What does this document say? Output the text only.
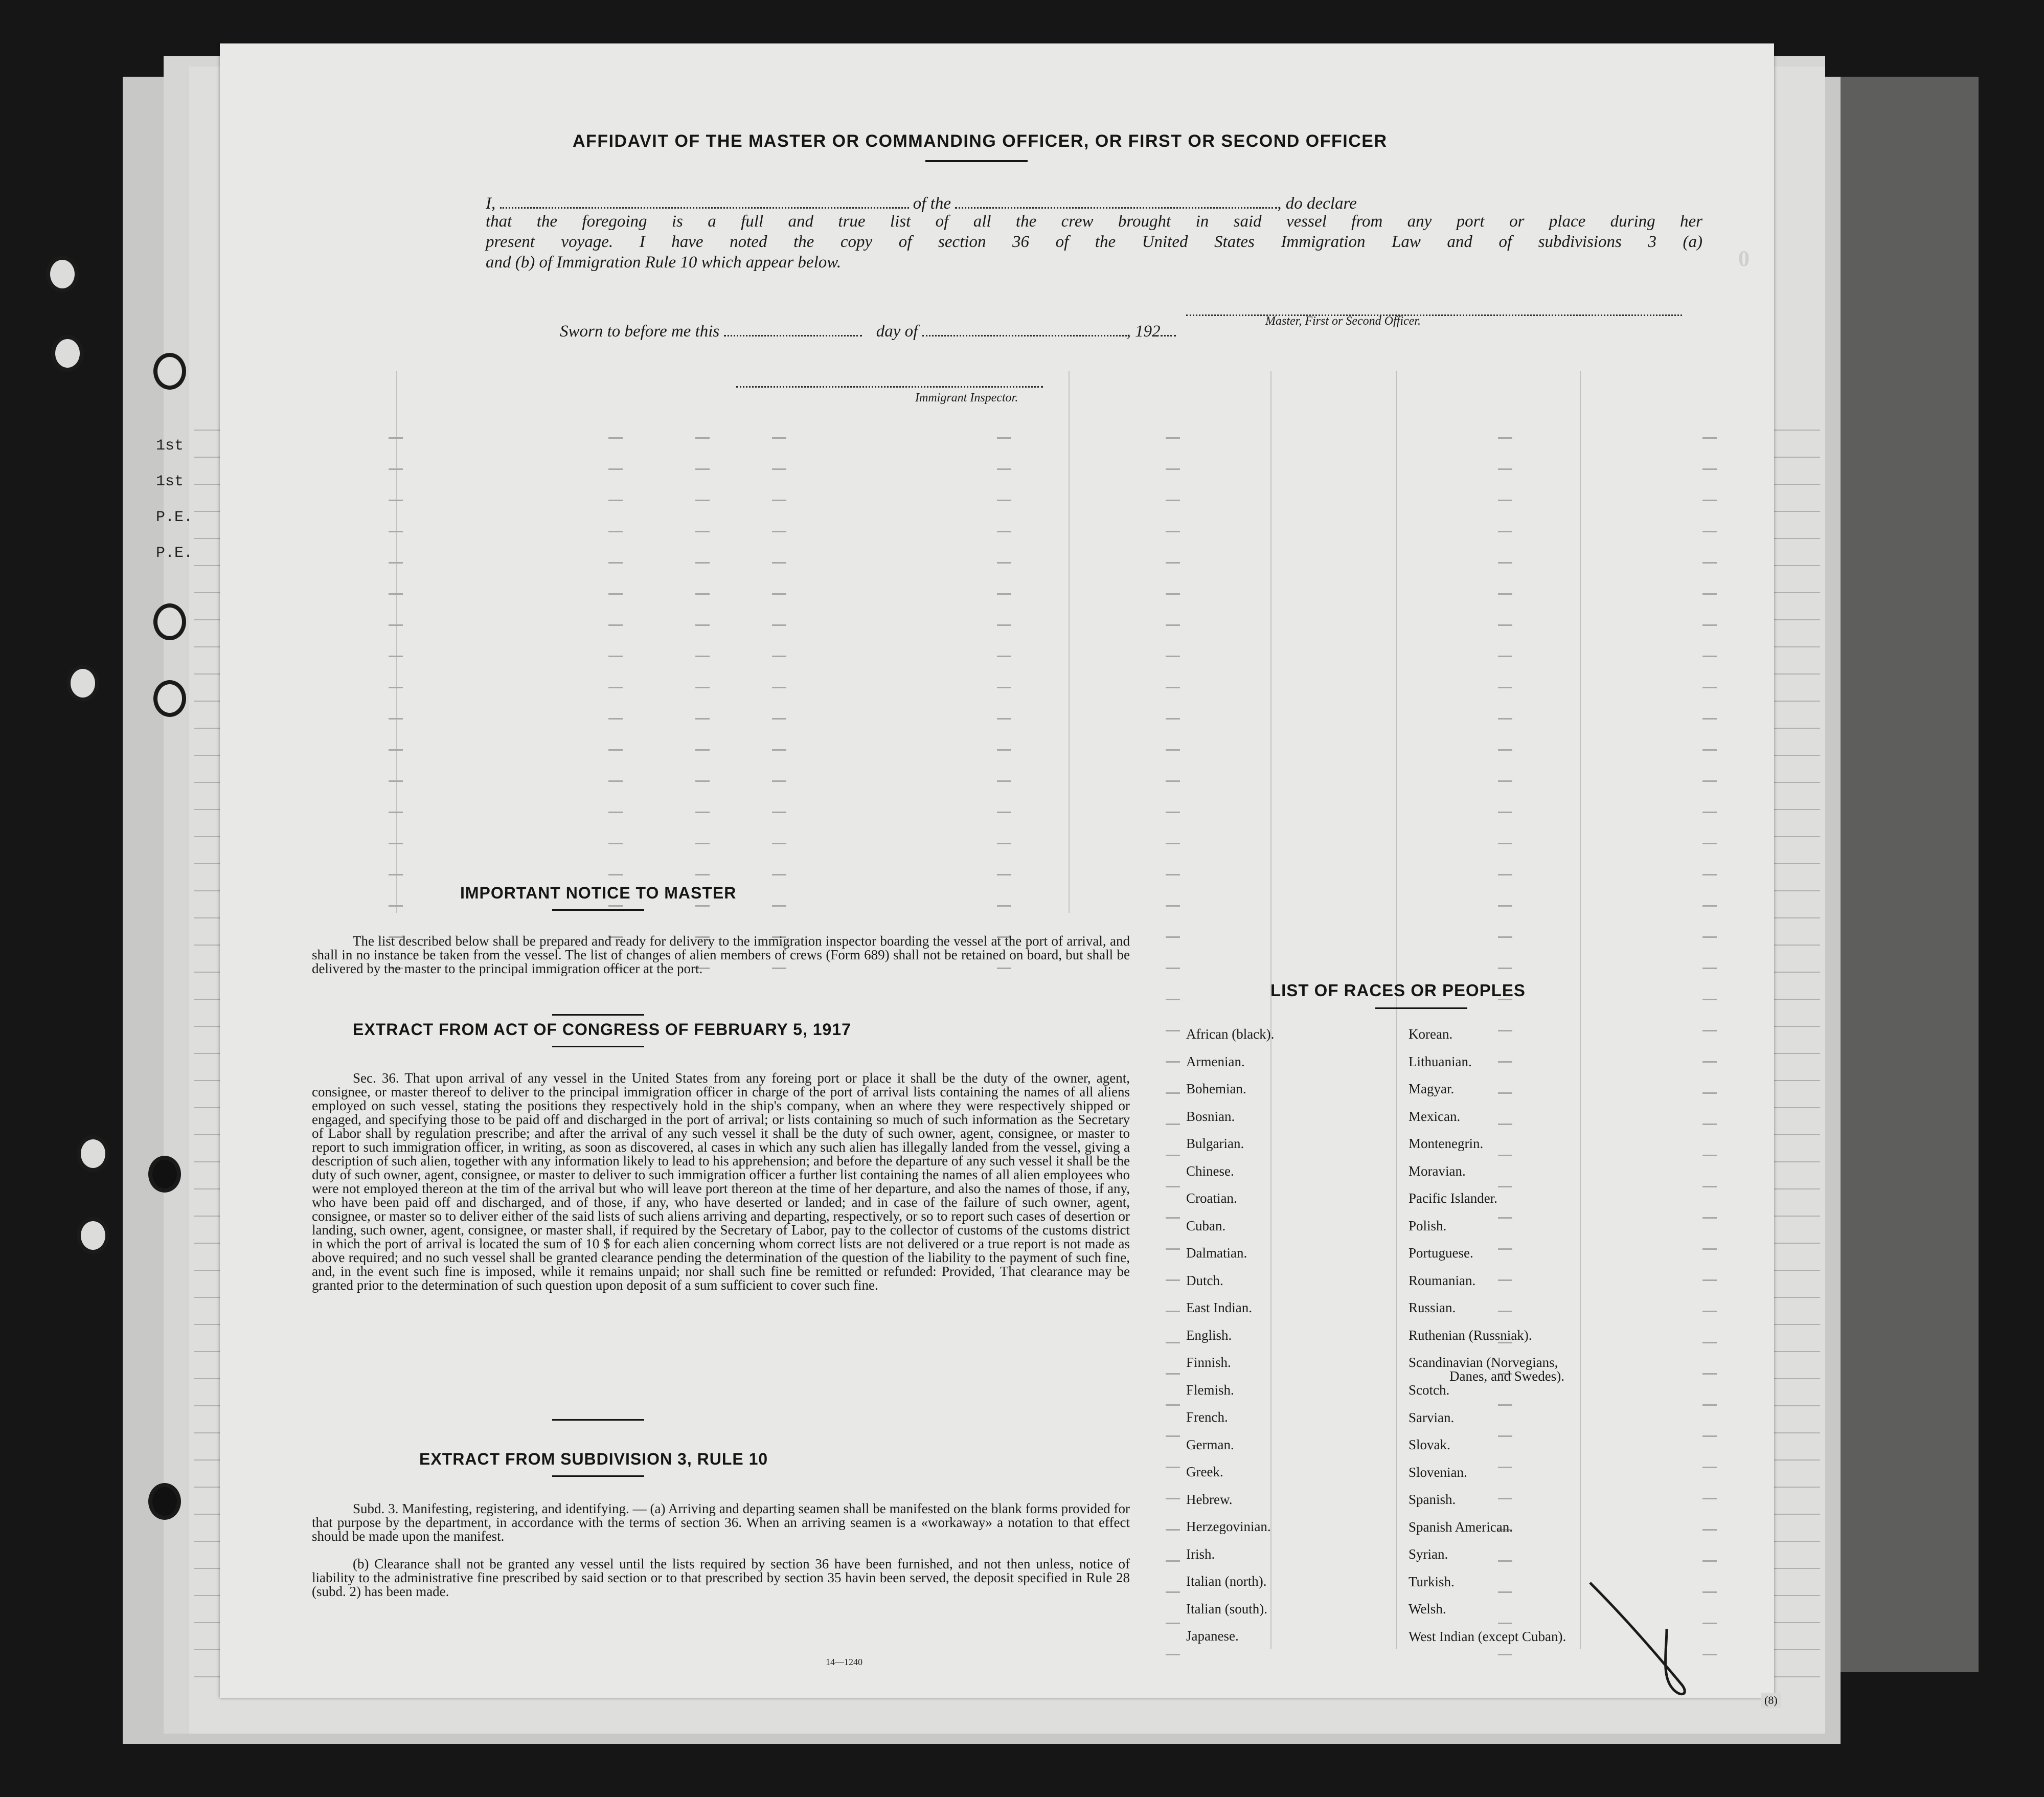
1st
1st
P.E.
P.E.
AFFIDAVIT OF THE MASTER OR COMMANDING OFFICER, OR FIRST OR SECOND OFFICER
I,	of the	, do declare
that the foregoing is a full and true list of all the crew brought in said vessel from any port or place during her
present voyage. I have noted the copy of section 36 of the United States Immigration Law and of subdivisions 3 (a)
and (b) of Immigration Rule 10 which appear below.
Master, First or Second Officer.
Sworn to before me this	day of	, 192
Immigrant Inspector.
IMPORTANT NOTICE TO MASTER
The list described below shall be prepared and ready for delivery to the immigration inspector boarding the vessel at the port of arrival, and shall in no instance be taken from the vessel. The list of changes of alien members of crews (Form 689) shall not be retained on board, but shall be delivered by the master to the principal immigration officer at the port.
EXTRACT FROM ACT OF CONGRESS OF FEBRUARY 5, 1917
Sec. 36. That upon arrival of any vessel in the United States from any foreing port or place it shall be the duty of the owner, agent, consignee, or master thereof to deliver to the principal immigration officer in charge of the port of arrival lists containing the names of all aliens employed on such vessel, stating the positions they respectively hold in the ship's company, when an where they were respectively shipped or engaged, and specifying those to be paid off and discharged in the port of arrival; or lists containing so much of such information as the Secretary of Labor shall by regulation prescribe; and after the arrival of any such vessel it shall be the duty of such owner, agent, consignee, or master to report to such immigration officer, in writing, as soon as discovered, al cases in which any such alien has illegally landed from the vessel, giving a description of such alien, together with any information likely to lead to his apprehension; and before the departure of any such vessel it shall be the duty of such owner, agent, consignee, or master to deliver to such immigration officer a further list containing the names of all alien employees who were not employed thereon at the tim of the arrival but who will leave port thereon at the time of her departure, and also the names of those, if any, who have been paid off and discharged, and of those, if any, who have deserted or landed; and in case of the failure of such owner, agent, consignee, or master so to deliver either of the said lists of such aliens arriving and departing, respectively, or so to report such cases of desertion or landing, such owner, agent, consignee, or master shall, if required by the Secretary of Labor, pay to the collector of customs of the customs district in which the port of arrival is located the sum of 10 $ for each alien concerning whom correct lists are not delivered or a true report is not made as above required; and no such vessel shall be granted clearance pending the determination of the question of the liability to the payment of such fine, and, in the event such fine is imposed, while it remains unpaid; nor shall such fine be remitted or refunded: Provided, That clearance may be granted prior to the determination of such question upon deposit of a sum sufficient to cover such fine.
EXTRACT FROM SUBDIVISION 3, RULE 10
Subd. 3. Manifesting, registering, and identifying. — (a) Arriving and departing seamen shall be manifested on the blank forms provided for that purpose by the department, in accordance with the terms of section 36. When an arriving seamen is a «workaway» a notation to that effect should be made upon the manifest.
(b) Clearance shall not be granted any vessel until the lists required by section 36 have been furnished, and not then unless, notice of liability to the administrative fine prescribed by said section or to that prescribed by section 35 havin been served, the deposit specified in Rule 28 (subd. 2) has been made.
14—1240
LIST OF RACES OR PEOPLES
African (black).
Armenian.
Bohemian.
Bosnian.
Bulgarian.
Chinese.
Croatian.
Cuban.
Dalmatian.
Dutch.
East Indian.
English.
Finnish.
Flemish.
French.
German.
Greek.
Hebrew.
Herzegovinian.
Irish.
Italian (north).
Italian (south).
Japanese.
Korean.
Lithuanian.
Magyar.
Mexican.
Montenegrin.
Moravian.
Pacific Islander.
Polish.
Portuguese.
Roumanian.
Russian.
Ruthenian (Russniak).
Scandinavian (Norvegians,
Danes, and Swedes).
Scotch.
Sarvian.
Slovak.
Slovenian.
Spanish.
Spanish American.
Syrian.
Turkish.
Welsh.
West Indian (except Cuban).
0
(8)
